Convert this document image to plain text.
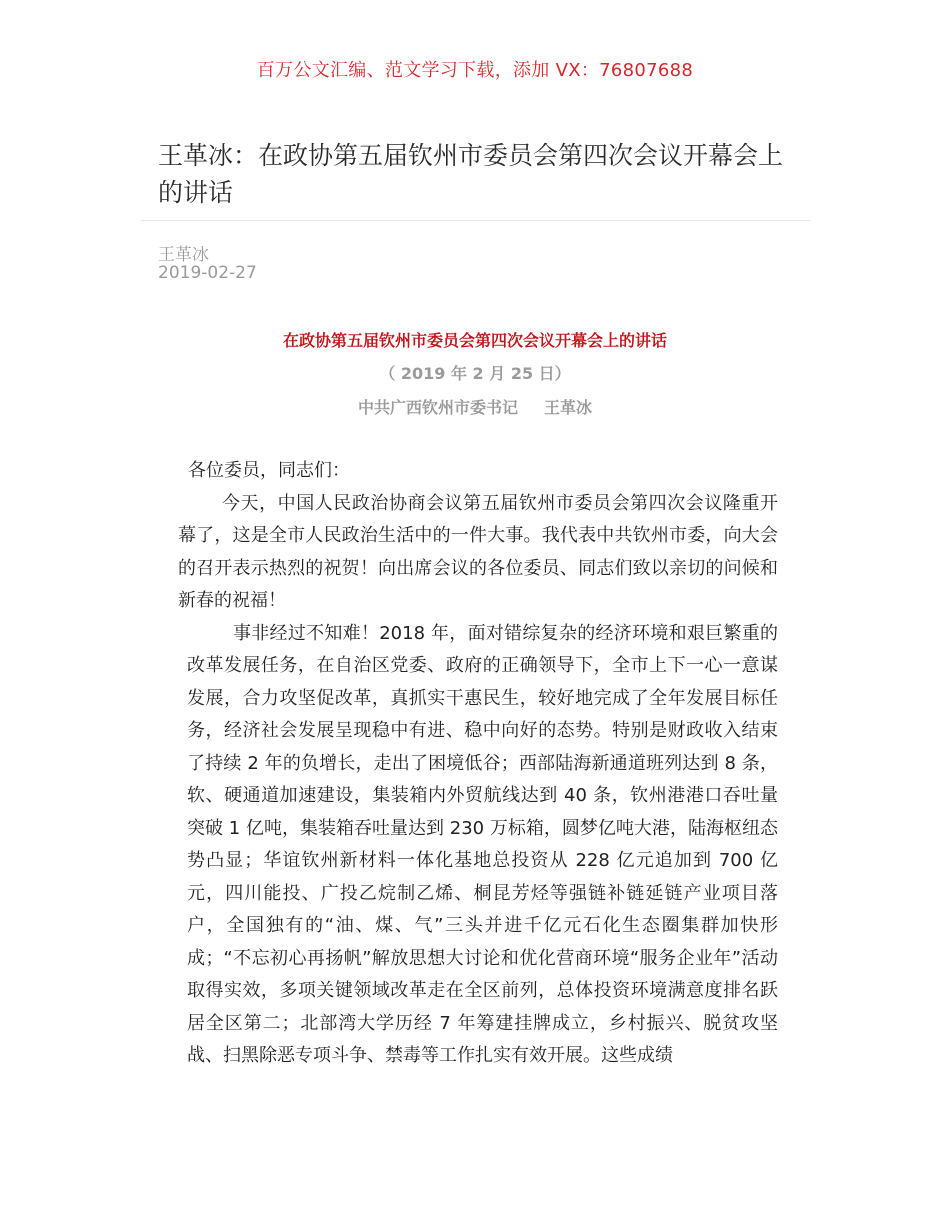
百万公文汇编、范文学习下载，添加 VX：76807688
王革冰：在政协第五届钦州市委员会第四次会议开幕会上的讲话
王革冰
2019-02-27
在政协第五届钦州市委员会第四次会议开幕会上的讲话
（ 2019 年 2 月 25 日）
中共广西钦州市委书记 王革冰

各位委员，同志们：

今天，中国人民政治协商会议第五届钦州市委员会第四次会议隆重开幕了，这是全市人民政治生活中的一件大事。我代表中共钦州市委，向大会的召开表示热烈的祝贺！向出席会议的各位委员、同志们致以亲切的问候和新春的祝福！

事非经过不知难！2018 年，面对错综复杂的经济环境和艰巨繁重的改革发展任务，在自治区党委、政府的正确领导下，全市上下一心一意谋发展，合力攻坚促改革，真抓实干惠民生，较好地完成了全年发展目标任务，经济社会发展呈现稳中有进、稳中向好的态势。特别是财政收入结束了持续 2 年的负增长，走出了困境低谷；西部陆海新通道班列达到 8 条，软、硬通道加速建设，集装箱内外贸航线达到 40 条，钦州港港口吞吐量突破 1 亿吨，集装箱吞吐量达到 230 万标箱，圆梦亿吨大港，陆海枢纽态势凸显；华谊钦州新材料一体化基地总投资从 228 亿元追加到 700 亿元，四川能投、广投乙烷制乙烯、桐昆芳烃等强链补链延链产业项目落户，全国独有的“油、煤、气”三头并进千亿元石化生态圈集群加快形成；“不忘初心再扬帆”解放思想大讨论和优化营商环境“服务企业年”活动取得实效，多项关键领域改革走在全区前列，总体投资环境满意度排名跃居全区第二；北部湾大学历经 7 年筹建挂牌成立，乡村振兴、脱贫攻坚战、扫黑除恶专项斗争、禁毒等工作扎实有效开展。这些成绩
